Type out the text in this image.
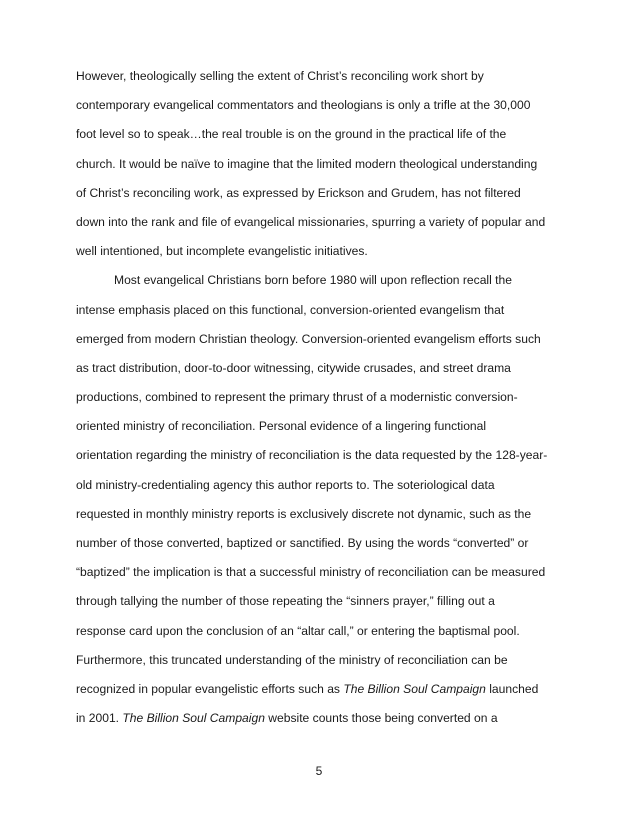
However, theologically selling the extent of Christ’s reconciling work short by
contemporary evangelical commentators and theologians is only a trifle at the 30,000
foot level so to speak…the real trouble is on the ground in the practical life of the
church. It would be naïve to imagine that the limited modern theological understanding
of Christ’s reconciling work, as expressed by Erickson and Grudem, has not filtered
down into the rank and file of evangelical missionaries, spurring a variety of popular and
well intentioned, but incomplete evangelistic initiatives.
Most evangelical Christians born before 1980 will upon reflection recall the
intense emphasis placed on this functional, conversion-oriented evangelism that
emerged from modern Christian theology. Conversion-oriented evangelism efforts such
as tract distribution, door-to-door witnessing, citywide crusades, and street drama
productions, combined to represent the primary thrust of a modernistic conversion-
oriented ministry of reconciliation. Personal evidence of a lingering functional
orientation regarding the ministry of reconciliation is the data requested by the 128-year-
old ministry-credentialing agency this author reports to. The soteriological data
requested in monthly ministry reports is exclusively discrete not dynamic, such as the
number of those converted, baptized or sanctified. By using the words “converted” or
“baptized” the implication is that a successful ministry of reconciliation can be measured
through tallying the number of those repeating the “sinners prayer,” filling out a
response card upon the conclusion of an “altar call,” or entering the baptismal pool.
Furthermore, this truncated understanding of the ministry of reconciliation can be
recognized in popular evangelistic efforts such as The Billion Soul Campaign launched
in 2001. The Billion Soul Campaign website counts those being converted on a
5
